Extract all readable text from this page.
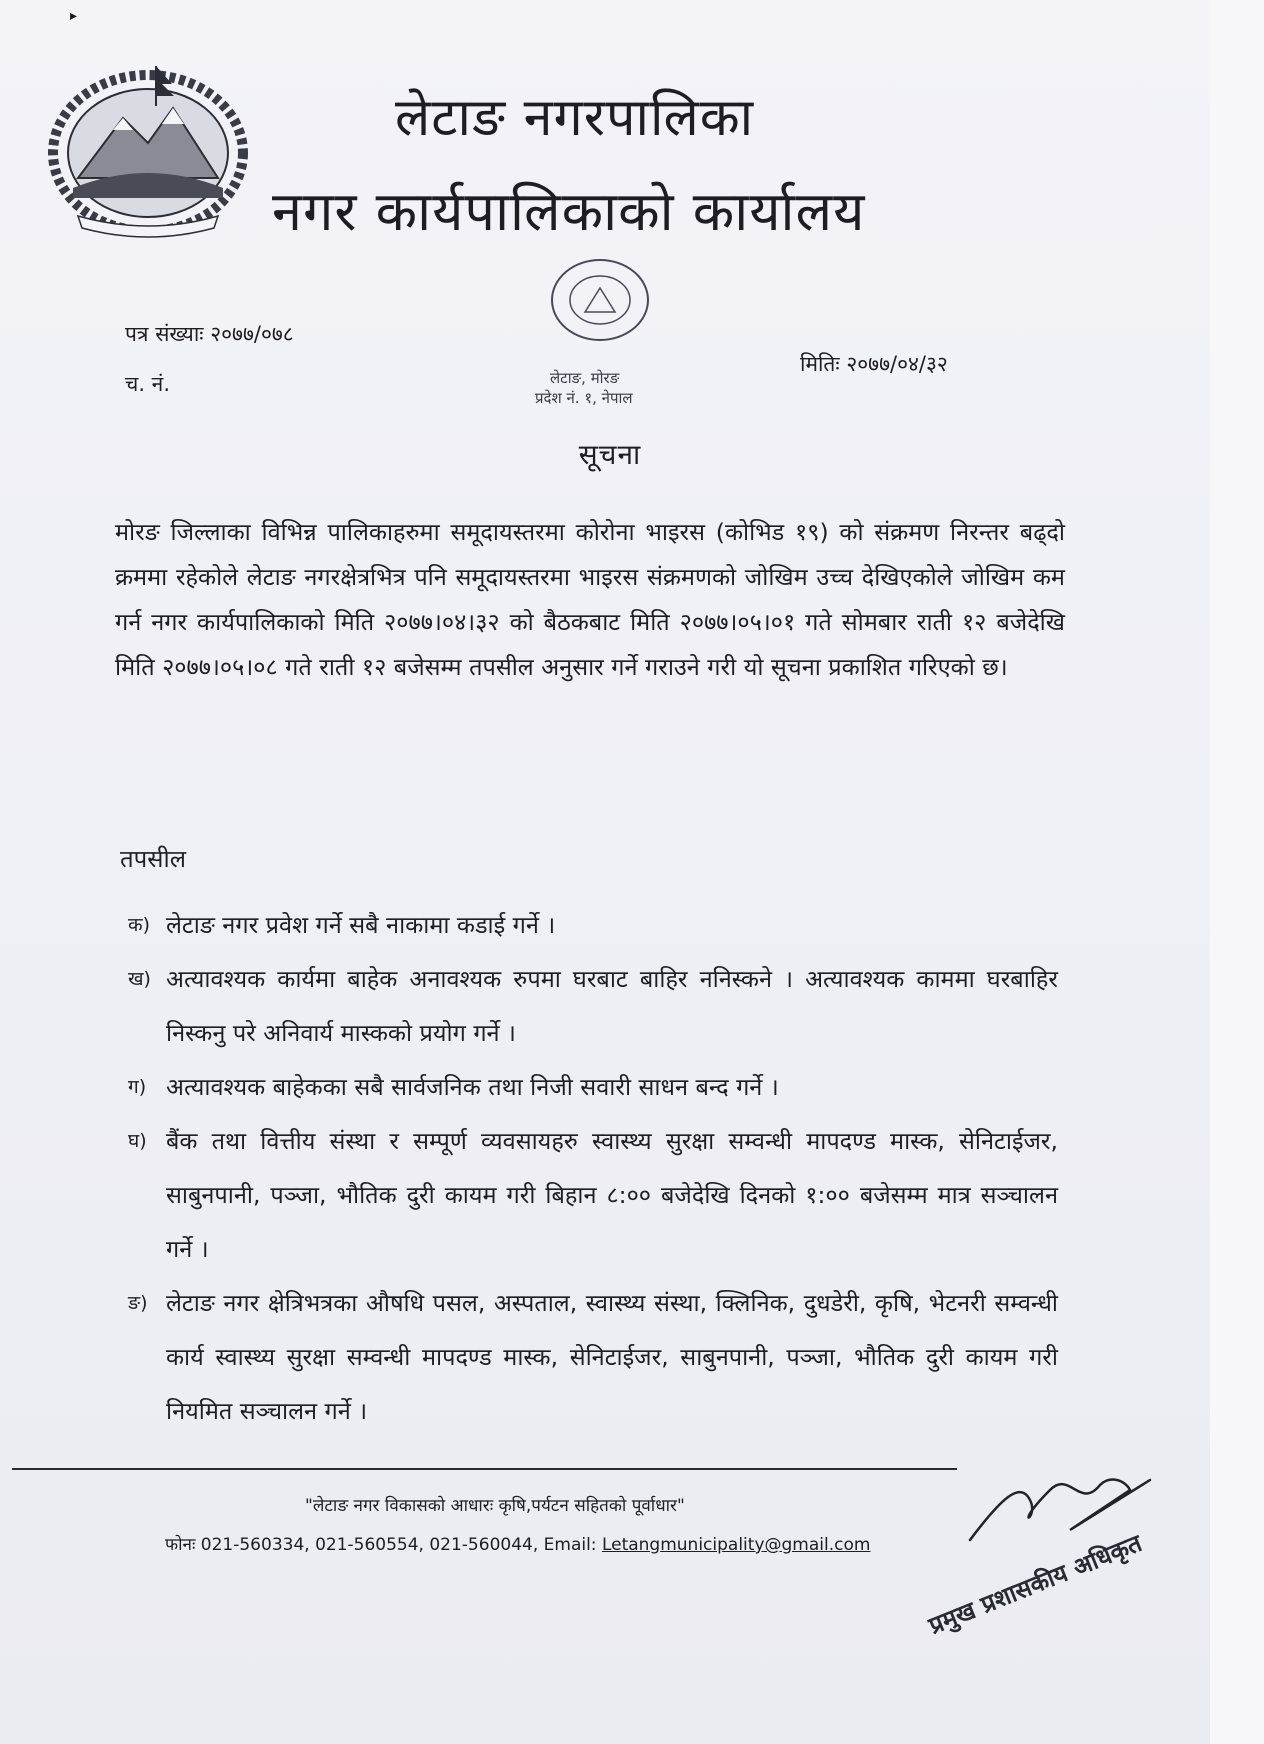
▸
लेटाङ नगरपालिका
नगर कार्यपालिकाको कार्यालय
लेटाङ, मोरङ
प्रदेश नं. १, नेपाल
पत्र संख्याः २०७७/०७८
च. नं.
मितिः २०७७/०४/३२
सूचना
मोरङ जिल्लाका विभिन्न पालिकाहरुमा समूदायस्तरमा कोरोना भाइरस (कोभिड १९) को संक्रमण निरन्तर बढ्दो क्रममा रहेकोले लेटाङ नगरक्षेत्रभित्र पनि समूदायस्तरमा भाइरस संक्रमणको जोखिम उच्च देखिएकोले जोखिम कम गर्न नगर कार्यपालिकाको मिति २०७७।०४।३२ को बैठकबाट मिति २०७७।०५।०१ गते सोमबार राती १२ बजेदेखि मिति २०७७।०५।०८ गते राती १२ बजेसम्म तपसील अनुसार गर्ने गराउने गरी यो सूचना प्रकाशित गरिएको छ।
तपसील
क) लेटाङ नगर प्रवेश गर्ने सबै नाकामा कडाई गर्ने ।
ख) अत्यावश्यक कार्यमा बाहेक अनावश्यक रुपमा घरबाट बाहिर ननिस्कने । अत्यावश्यक काममा घरबाहिर निस्कनु परे अनिवार्य मास्कको प्रयोग गर्ने ।
ग) अत्यावश्यक बाहेकका सबै सार्वजनिक तथा निजी सवारी साधन बन्द गर्ने ।
घ) बैंक तथा वित्तीय संस्था र सम्पूर्ण व्यवसायहरु स्वास्थ्य सुरक्षा सम्वन्धी मापदण्ड मास्क, सेनिटाईजर, साबुनपानी, पञ्जा, भौतिक दुरी कायम गरी बिहान ८:०० बजेदेखि दिनको १:०० बजेसम्म मात्र सञ्चालन गर्ने ।
ङ) लेटाङ नगर क्षेत्रिभत्रका औषधि पसल, अस्पताल, स्वास्थ्य संस्था, क्लिनिक, दुधडेरी, कृषि, भेटनरी सम्वन्धी कार्य स्वास्थ्य सुरक्षा सम्वन्धी मापदण्ड मास्क, सेनिटाईजर, साबुनपानी, पञ्जा, भौतिक दुरी कायम गरी नियमित सञ्चालन गर्ने ।
"लेटाङ नगर विकासको आधारः कृषि,पर्यटन सहितको पूर्वाधार"
फोनः 021-560334, 021-560554, 021-560044, Email: Letangmunicipality@gmail.com प्रमुख प्रशासकीय अधिकृत
